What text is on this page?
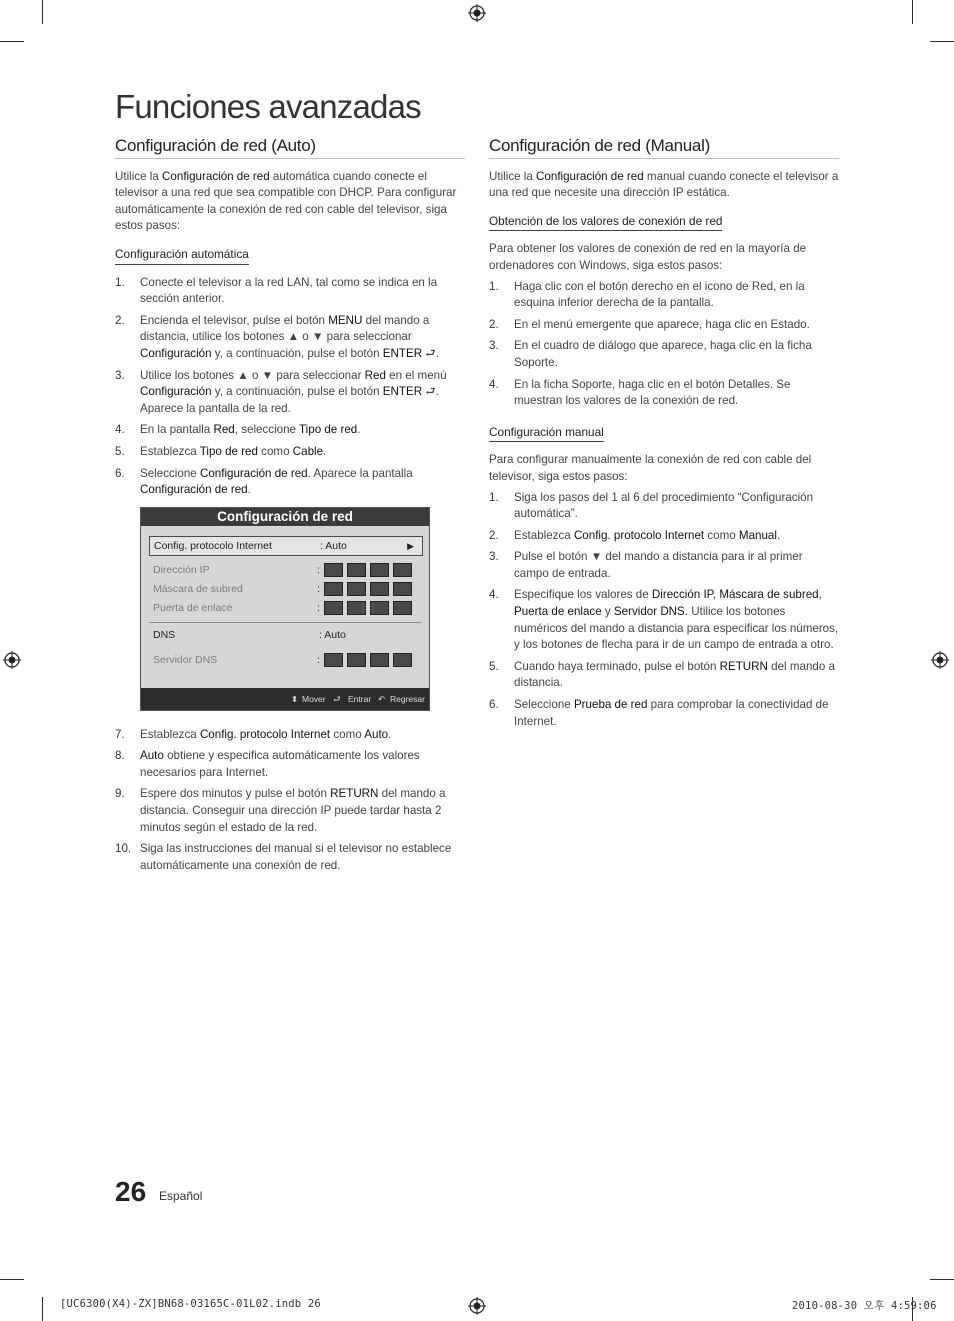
Funciones avanzadas
Configuración de red (Auto)

Utilice la Configuración de red automática cuando conecte el televisor a una red que sea compatible con DHCP. Para configurar automáticamente la conexión de red con cable del televisor, siga estos pasos:

Configuración automática
1. Conecte el televisor a la red LAN, tal como se indica en la sección anterior.
2. Encienda el televisor, pulse el botón MENU del mando a distancia, utilice los botones ▲ o ▼ para seleccionar Configuración y, a continuación, pulse el botón ENTER ⮐.
3. Utilice los botones ▲ o ▼ para seleccionar Red en el menú Configuración y, a continuación, pulse el botón ENTER ⮐. Aparece la pantalla de la red.
4. En la pantalla Red, seleccione Tipo de red.
5. Establezca Tipo de red como Cable.
6. Seleccione Configuración de red. Aparece la pantalla Configuración de red.
Configuración de red
Config. protocolo Internet	: Auto	▶
Dirección IP	:
Máscara de subred	:
Puerta de enlace	:
DNS	: Auto
Servidor DNS	:
⬍ Mover ⮐ Entrar ↶ Regresar
7. Establezca Config. protocolo Internet como Auto.
8. Auto obtiene y especifica automáticamente los valores necesarios para Internet.
9. Espere dos minutos y pulse el botón RETURN del mando a distancia. Conseguir una dirección IP puede tardar hasta 2 minutos según el estado de la red.
10. Siga las instrucciones del manual si el televisor no establece automáticamente una conexión de red.
Configuración de red (Manual)

Utilice la Configuración de red manual cuando conecte el televisor a una red que necesite una dirección IP estática.

Obtención de los valores de conexión de red

Para obtener los valores de conexión de red en la mayoría de ordenadores con Windows, siga estos pasos:

1. Haga clic con el botón derecho en el icono de Red, en la esquina inferior derecha de la pantalla.
2. En el menú emergente que aparece, haga clic en Estado.
3. En el cuadro de diálogo que aparece, haga clic en la ficha Soporte.
4. En la ficha Soporte, haga clic en el botón Detalles. Se muestran los valores de la conexión de red.
Configuración manual

Para configurar manualmente la conexión de red con cable del televisor, siga estos pasos:

1. Siga los pasos del 1 al 6 del procedimiento “Configuración automática”.
2. Establezca Config. protocolo Internet como Manual.
3. Pulse el botón ▼ del mando a distancia para ir al primer campo de entrada.
4. Especifique los valores de Dirección IP, Máscara de subred, Puerta de enlace y Servidor DNS. Utilice los botones numéricos del mando a distancia para especificar los números, y los botones de flecha para ir de un campo de entrada a otro.
5. Cuando haya terminado, pulse el botón RETURN del mando a distancia.
6. Seleccione Prueba de red para comprobar la conectividad de Internet.
26 Español
[UC6300(X4)-ZX]BN68-03165C-01L02.indb 26	2010-08-30 오후 4:59:06
